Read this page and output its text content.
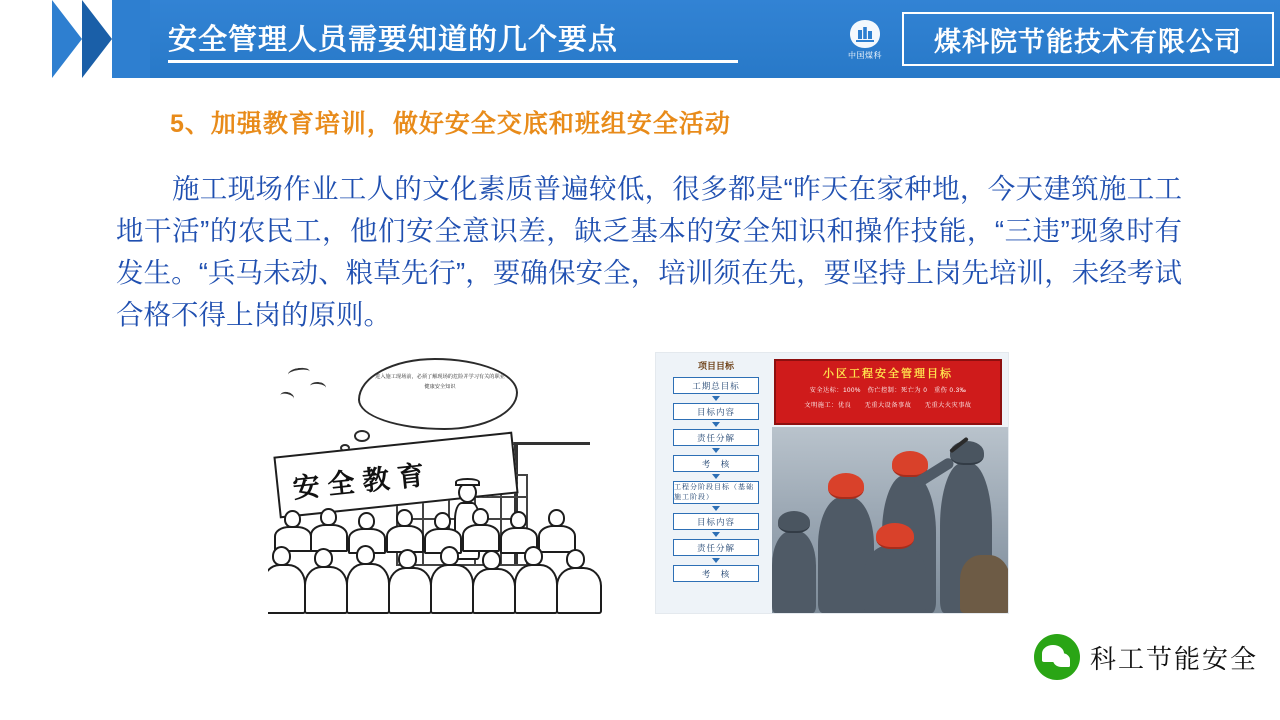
安全管理人员需要知道的几个要点	中国煤科 煤科院节能技术有限公司
5、加强教育培训，做好安全交底和班组安全活动
施工现场作业工人的文化素质普遍较低，很多都是“昨天在家种地，今天建筑施工工地干活”的农民工，他们安全意识差，缺乏基本的安全知识和操作技能，“三违”现象时有发生。“兵马未动、粮草先行”，要确保安全，培训须在先，要坚持上岗先培训，未经考试合格不得上岗的原则。
进入施工现场前，必须了解现场的危险并学习有关的职业健康安全知识
安全教育
项目目标
工期总目标
目标内容
责任分解
考　核
工程分阶段目标（基础施工阶段）
目标内容
责任分解
考　核
小区工程安全管理目标
安全达标：100%　伤亡控制：死亡为 0　重伤 0.3‰
文明施工：优良　　无重大设备事故　　无重大火灾事故
科工节能安全
